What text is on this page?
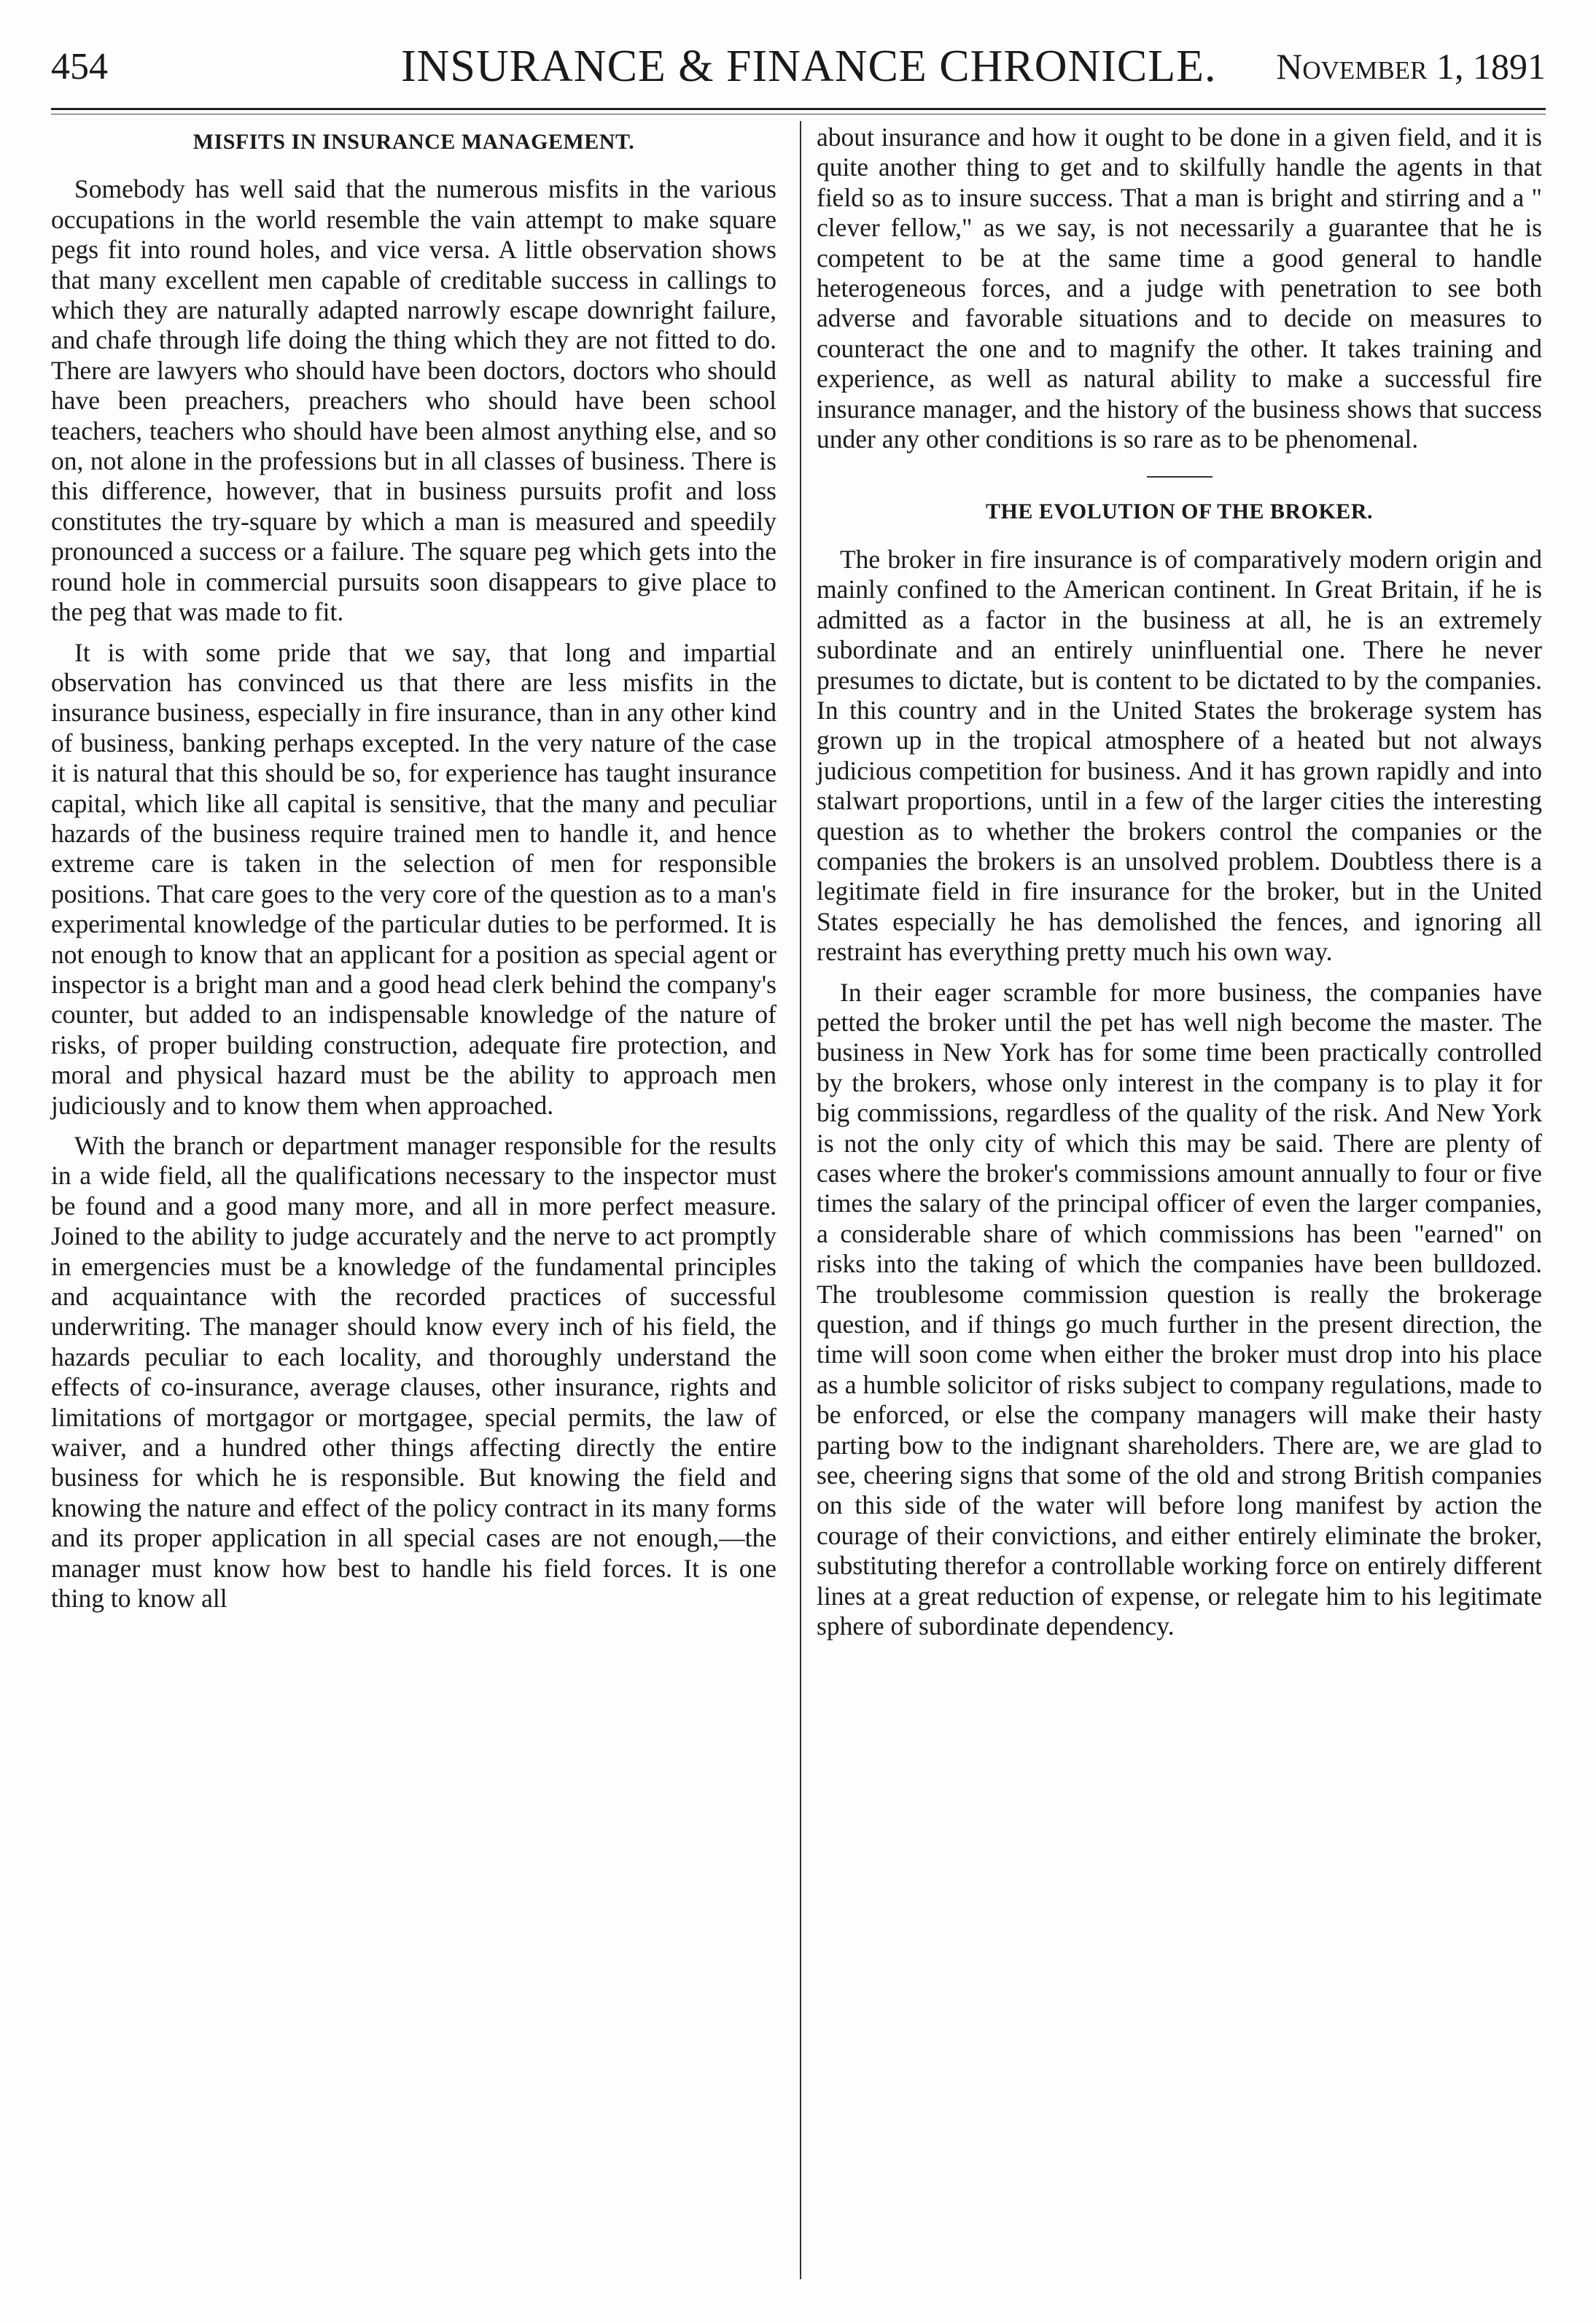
454	INSURANCE & FINANCE CHRONICLE. November 1, 1891
MISFITS IN INSURANCE MANAGEMENT.

Somebody has well said that the numerous misfits in the various occupations in the world resemble the vain attempt to make square pegs fit into round holes, and vice versa. A little observation shows that many excellent men capable of creditable success in callings to which they are naturally adapted narrowly escape downright failure, and chafe through life doing the thing which they are not fitted to do. There are lawyers who should have been doctors, doctors who should have been preachers, preachers who should have been school teachers, teachers who should have been almost anything else, and so on, not alone in the professions but in all classes of business. There is this difference, however, that in business pursuits profit and loss constitutes the try-square by which a man is measured and speedily pronounced a success or a failure. The square peg which gets into the round hole in commercial pursuits soon disappears to give place to the peg that was made to fit.

It is with some pride that we say, that long and impartial observation has convinced us that there are less misfits in the insurance business, especially in fire insurance, than in any other kind of business, banking perhaps excepted. In the very nature of the case it is natural that this should be so, for experience has taught insurance capital, which like all capital is sensitive, that the many and peculiar hazards of the business require trained men to handle it, and hence extreme care is taken in the selection of men for responsible positions. That care goes to the very core of the question as to a man's experimental knowledge of the particular duties to be performed. It is not enough to know that an applicant for a position as special agent or inspector is a bright man and a good head clerk behind the company's counter, but added to an indispensable knowledge of the nature of risks, of proper building construction, adequate fire protection, and moral and physical hazard must be the ability to approach men judiciously and to know them when approached.

With the branch or department manager responsible for the results in a wide field, all the qualifications necessary to the inspector must be found and a good many more, and all in more perfect measure. Joined to the ability to judge accurately and the nerve to act promptly in emergencies must be a knowledge of the fundamental principles and acquaintance with the recorded practices of successful underwriting. The manager should know every inch of his field, the hazards peculiar to each locality, and thoroughly understand the effects of co-insurance, average clauses, other insurance, rights and limitations of mortgagor or mortgagee, special permits, the law of waiver, and a hundred other things affecting directly the entire business for which he is responsible. But knowing the field and knowing the nature and effect of the policy contract in its many forms and its proper application in all special cases are not enough,—the manager must know how best to handle his field forces. It is one thing to know all

about insurance and how it ought to be done in a given field, and it is quite another thing to get and to skilfully handle the agents in that field so as to insure success. That a man is bright and stirring and a " clever fellow," as we say, is not necessarily a guarantee that he is competent to be at the same time a good general to handle heterogeneous forces, and a judge with penetration to see both adverse and favorable situations and to decide on measures to counteract the one and to magnify the other. It takes training and experience, as well as natural ability to make a successful fire insurance manager, and the history of the business shows that success under any other conditions is so rare as to be phenomenal.

THE EVOLUTION OF THE BROKER.

The broker in fire insurance is of comparatively modern origin and mainly confined to the American continent. In Great Britain, if he is admitted as a factor in the business at all, he is an extremely subordinate and an entirely uninfluential one. There he never presumes to dictate, but is content to be dictated to by the companies. In this country and in the United States the brokerage system has grown up in the tropical atmosphere of a heated but not always judicious competition for business. And it has grown rapidly and into stalwart proportions, until in a few of the larger cities the interesting question as to whether the brokers control the companies or the companies the brokers is an unsolved problem. Doubtless there is a legitimate field in fire insurance for the broker, but in the United States especially he has demolished the fences, and ignoring all restraint has everything pretty much his own way.

In their eager scramble for more business, the companies have petted the broker until the pet has well nigh become the master. The business in New York has for some time been practically controlled by the brokers, whose only interest in the company is to play it for big commissions, regardless of the quality of the risk. And New York is not the only city of which this may be said. There are plenty of cases where the broker's commissions amount annually to four or five times the salary of the principal officer of even the larger companies, a considerable share of which commissions has been "earned" on risks into the taking of which the companies have been bulldozed. The troublesome commission question is really the brokerage question, and if things go much further in the present direction, the time will soon come when either the broker must drop into his place as a humble solicitor of risks subject to company regulations, made to be enforced, or else the company managers will make their hasty parting bow to the indignant shareholders. There are, we are glad to see, cheering signs that some of the old and strong British companies on this side of the water will before long manifest by action the courage of their convictions, and either entirely eliminate the broker, substituting therefor a controllable working force on entirely different lines at a great reduction of expense, or relegate him to his legitimate sphere of subordinate dependency.
